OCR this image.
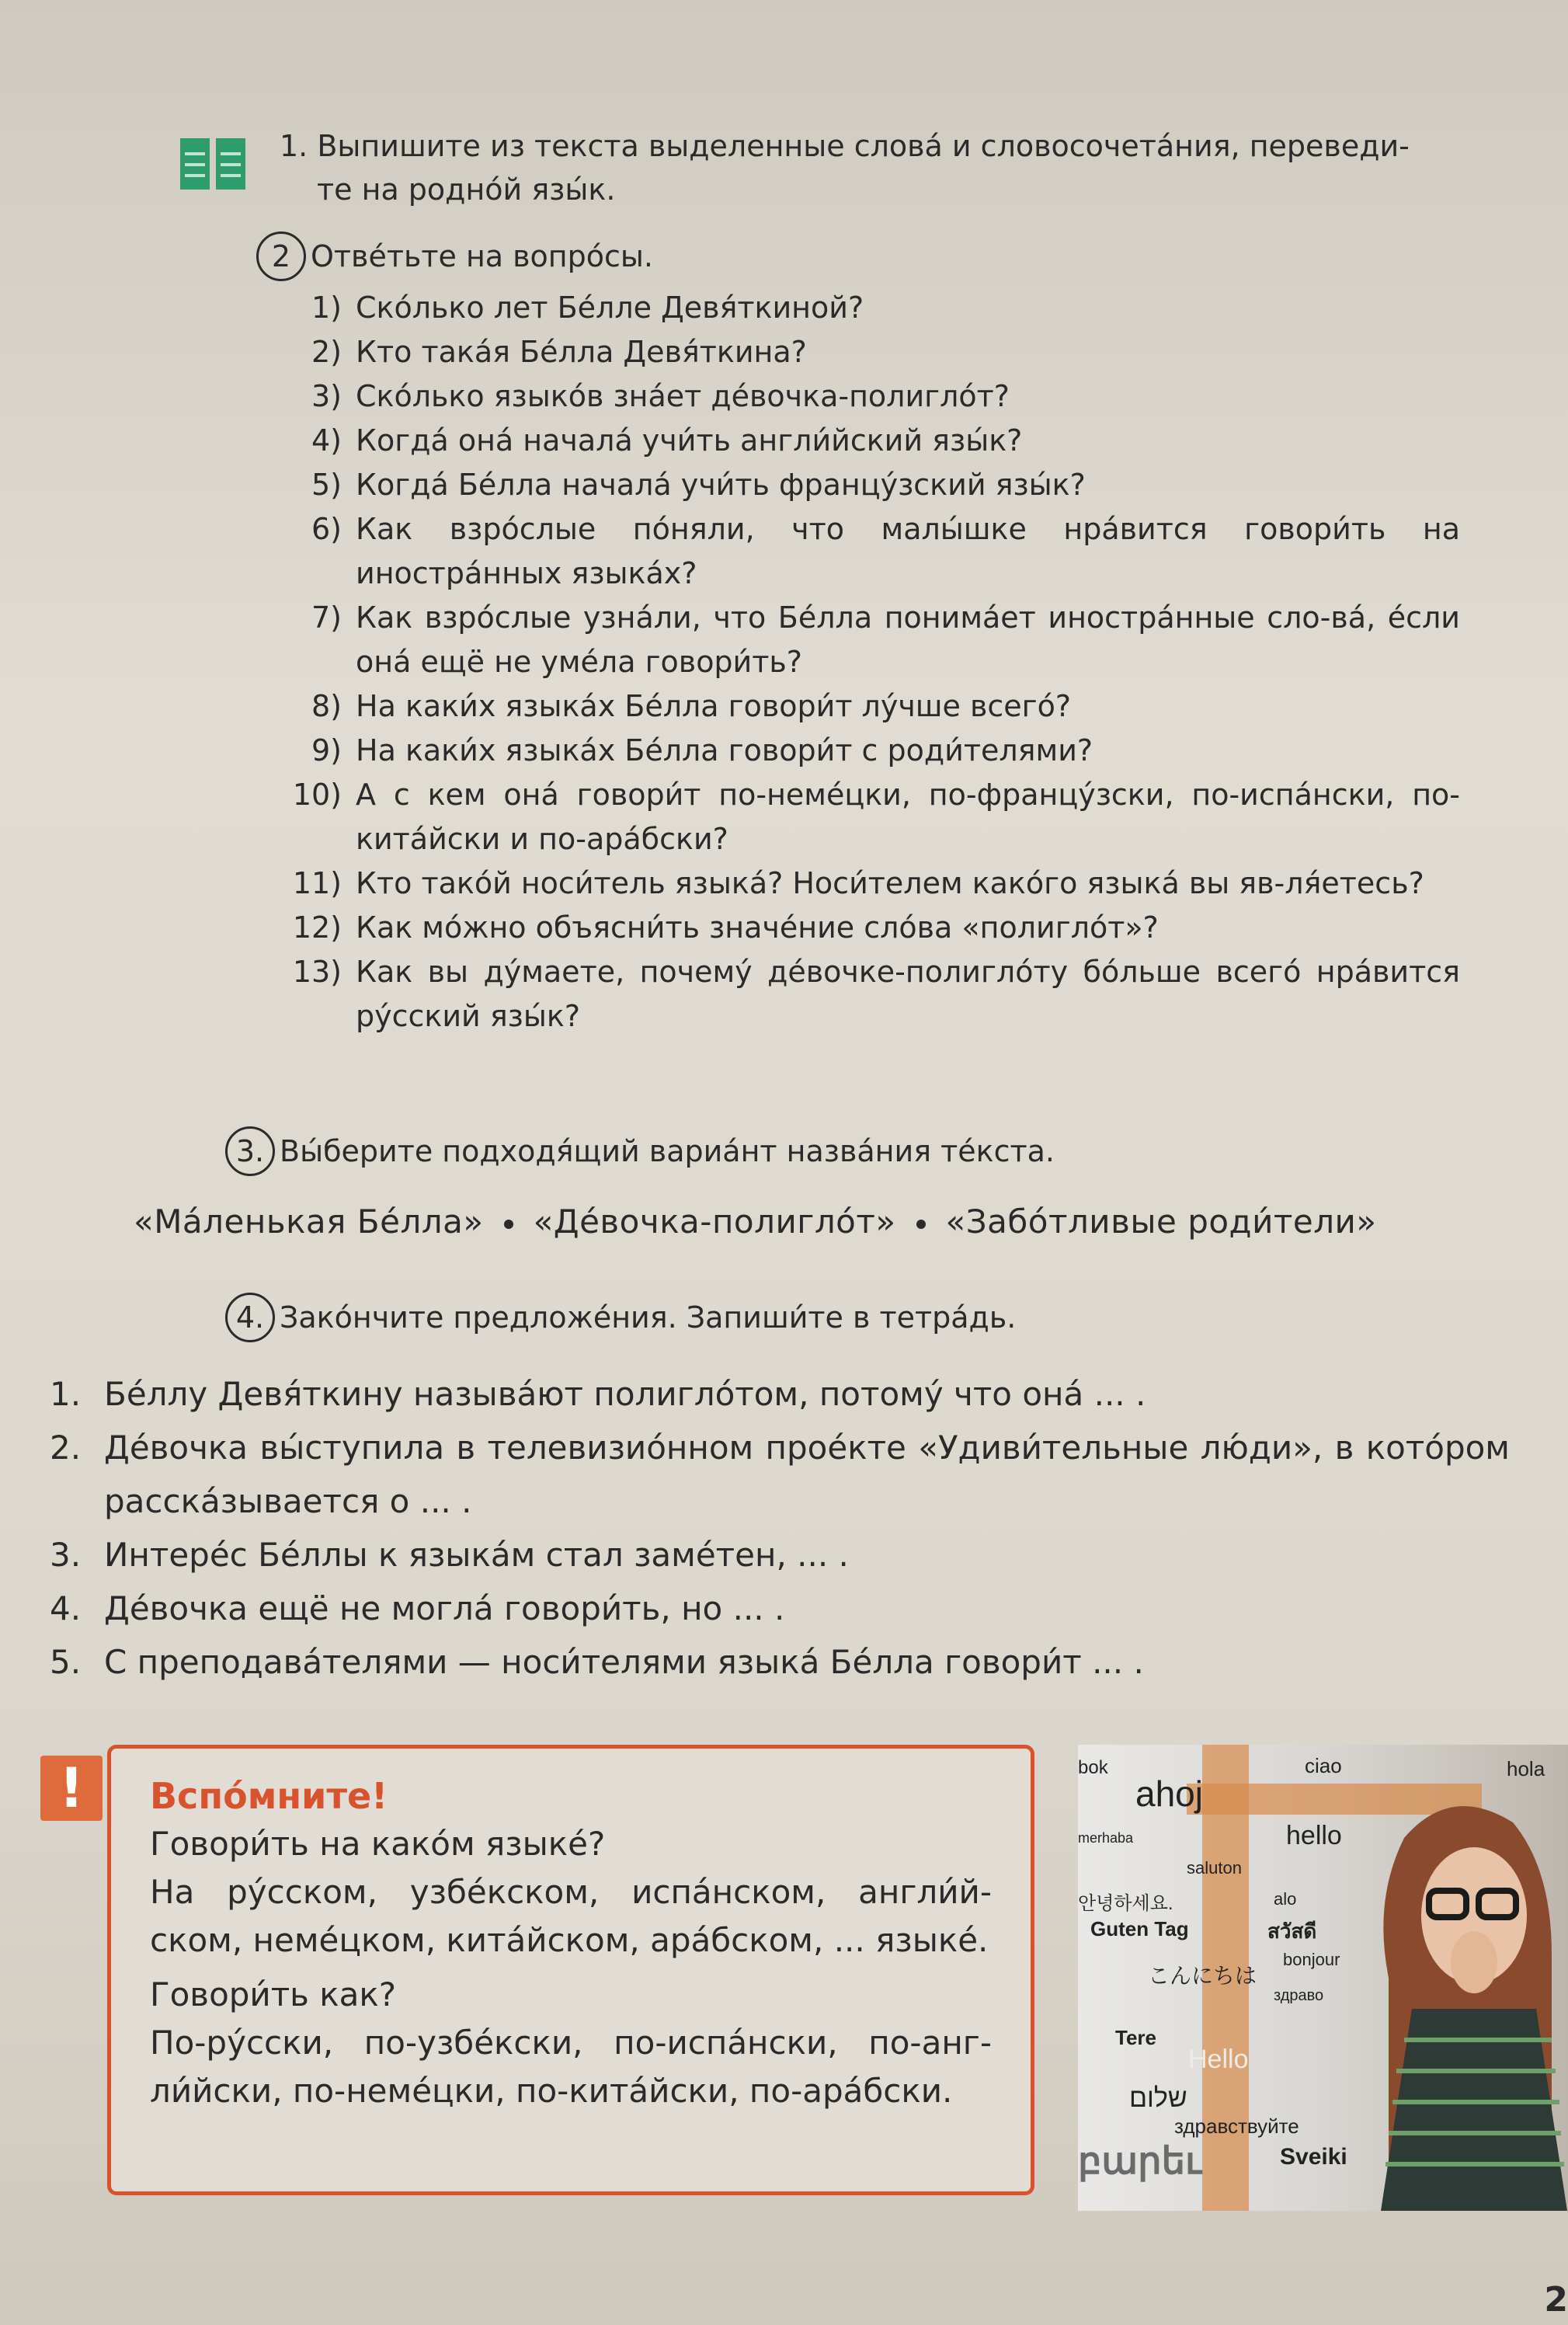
1. Выпишите из текста выделенные слова́ и словосочета́ния, переведи-
те на родно́й язы́к.
2 Отве́тьте на вопро́сы.
1) Ско́лько лет Бе́лле Девя́ткиной?
2) Кто така́я Бе́лла Девя́ткина?
3) Ско́лько языко́в зна́ет де́вочка-полигло́т?
4) Когда́ она́ начала́ учи́ть англи́йский язы́к?
5) Когда́ Бе́лла начала́ учи́ть францу́зский язы́к?
6) Как взро́слые по́няли, что малы́шке нра́вится говори́ть на иностра́нных языка́х?
7) Как взро́слые узна́ли, что Бе́лла понима́ет иностра́нные сло-ва́, е́сли она́ ещё не уме́ла говори́ть?
8) На каки́х языка́х Бе́лла говори́т лу́чше всего́?
9) На каки́х языка́х Бе́лла говори́т с роди́телями?
10) А с кем она́ говори́т по-неме́цки, по-францу́зски, по-испа́нски, по-кита́йски и по-ара́бски?
11) Кто тако́й носи́тель языка́? Носи́телем како́го языка́ вы яв-ля́етесь?
12) Как мо́жно объясни́ть значе́ние сло́ва «полигло́т»?
13) Как вы ду́маете, почему́ де́вочке-полигло́ту бо́льше всего́ нра́вится ру́сский язы́к?
3. Вы́берите подходя́щий вариа́нт назва́ния те́кста.
«Ма́ленькая Бе́лла» «Де́вочка-полигло́т» «Забо́тливые роди́тели»
4. Зако́нчите предложе́ния. Запиши́те в тетра́дь.
1. Бе́ллу Девя́ткину называ́ют полигло́том, потому́ что она́ ... .
2. Де́вочка вы́ступила в телевизио́нном прое́кте «Удиви́тельные лю́ди», в кото́ром расска́зывается о ... .
3. Интере́с Бе́ллы к языка́м стал заме́тен, ... .
4. Де́вочка ещё не могла́ говори́ть, но ... .
5. С преподава́телями — носи́телями языка́ Бе́лла говори́т ... .
!	Вспо́мните!
Говори́ть на како́м языке́?
На ру́сском, узбе́кском, испа́нском, англи́й-ском, неме́цком, кита́йском, ара́бском, ... языке́.
Говори́ть как?
По-ру́сски, по-узбе́кски, по-испа́нски, по-анг-ли́йски, по-неме́цки, по-кита́йски, по-ара́бски.
bok
ahoj
ciao	hola
hello
merhaba
saluton
안녕하세요.	alo
Guten Tag	สวัสดี
こんにちは
bonjour
здраво
Tere
Hello
שלום
здравствуйте
բարեւ	Sveiki
2
